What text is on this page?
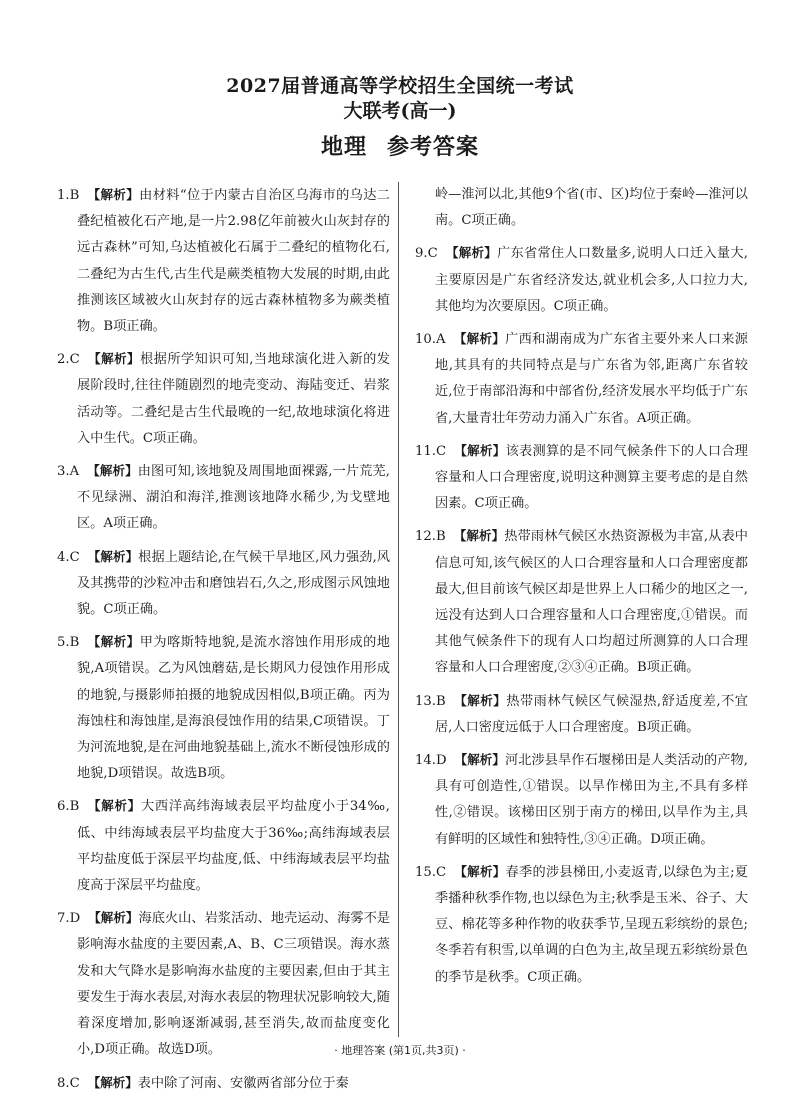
2027届普通高等学校招生全国统一考试
大联考(高一)
地理 参考答案
1.B 【解析】由材料“位于内蒙古自治区乌海市的乌达二叠纪植被化石产地,是一片2.98亿年前被火山灰封存的远古森林”可知,乌达植被化石属于二叠纪的植物化石,二叠纪为古生代,古生代是蕨类植物大发展的时期,由此推测该区域被火山灰封存的远古森林植物多为蕨类植物。B项正确。
2.C 【解析】根据所学知识可知,当地球演化进入新的发展阶段时,往往伴随剧烈的地壳变动、海陆变迁、岩浆活动等。二叠纪是古生代最晚的一纪,故地球演化将进入中生代。C项正确。
3.A 【解析】由图可知,该地貌及周围地面裸露,一片荒芜,不见绿洲、湖泊和海洋,推测该地降水稀少,为戈壁地区。A项正确。
4.C 【解析】根据上题结论,在气候干旱地区,风力强劲,风及其携带的沙粒冲击和磨蚀岩石,久之,形成图示风蚀地貌。C项正确。
5.B 【解析】甲为喀斯特地貌,是流水溶蚀作用形成的地貌,A项错误。乙为风蚀蘑菇,是长期风力侵蚀作用形成的地貌,与摄影师拍摄的地貌成因相似,B项正确。丙为海蚀柱和海蚀崖,是海浪侵蚀作用的结果,C项错误。丁为河流地貌,是在河曲地貌基础上,流水不断侵蚀形成的地貌,D项错误。故选B项。
6.B 【解析】大西洋高纬海域表层平均盐度小于34‰,低、中纬海域表层平均盐度大于36‰;高纬海域表层平均盐度低于深层平均盐度,低、中纬海域表层平均盐度高于深层平均盐度。
7.D 【解析】海底火山、岩浆活动、地壳运动、海雾不是影响海水盐度的主要因素,A、B、C三项错误。海水蒸发和大气降水是影响海水盐度的主要因素,但由于其主要发生于海水表层,对海水表层的物理状况影响较大,随着深度增加,影响逐渐减弱,甚至消失,故而盐度变化小,D项正确。故选D项。
8.C 【解析】表中除了河南、安徽两省部分位于秦
岭—淮河以北,其他9个省(市、区)均位于秦岭—淮河以南。C项正确。
9.C 【解析】广东省常住人口数量多,说明人口迁入量大,主要原因是广东省经济发达,就业机会多,人口拉力大,其他均为次要原因。C项正确。
10.A 【解析】广西和湖南成为广东省主要外来人口来源地,其具有的共同特点是与广东省为邻,距离广东省较近,位于南部沿海和中部省份,经济发展水平均低于广东省,大量青壮年劳动力涌入广东省。A项正确。
11.C 【解析】该表测算的是不同气候条件下的人口合理容量和人口合理密度,说明这种测算主要考虑的是自然因素。C项正确。
12.B 【解析】热带雨林气候区水热资源极为丰富,从表中信息可知,该气候区的人口合理容量和人口合理密度都最大,但目前该气候区却是世界上人口稀少的地区之一,远没有达到人口合理容量和人口合理密度,①错误。而其他气候条件下的现有人口均超过所测算的人口合理容量和人口合理密度,②③④正确。B项正确。
13.B 【解析】热带雨林气候区气候湿热,舒适度差,不宜居,人口密度远低于人口合理密度。B项正确。
14.D 【解析】河北涉县旱作石堰梯田是人类活动的产物,具有可创造性,①错误。以旱作梯田为主,不具有多样性,②错误。该梯田区别于南方的梯田,以旱作为主,具有鲜明的区域性和独特性,③④正确。D项正确。
15.C 【解析】春季的涉县梯田,小麦返青,以绿色为主;夏季播种秋季作物,也以绿色为主;秋季是玉米、谷子、大豆、棉花等多种作物的收获季节,呈现五彩缤纷的景色;冬季若有积雪,以单调的白色为主,故呈现五彩缤纷景色的季节是秋季。C项正确。
· 地理答案 (第1页,共3页) ·
